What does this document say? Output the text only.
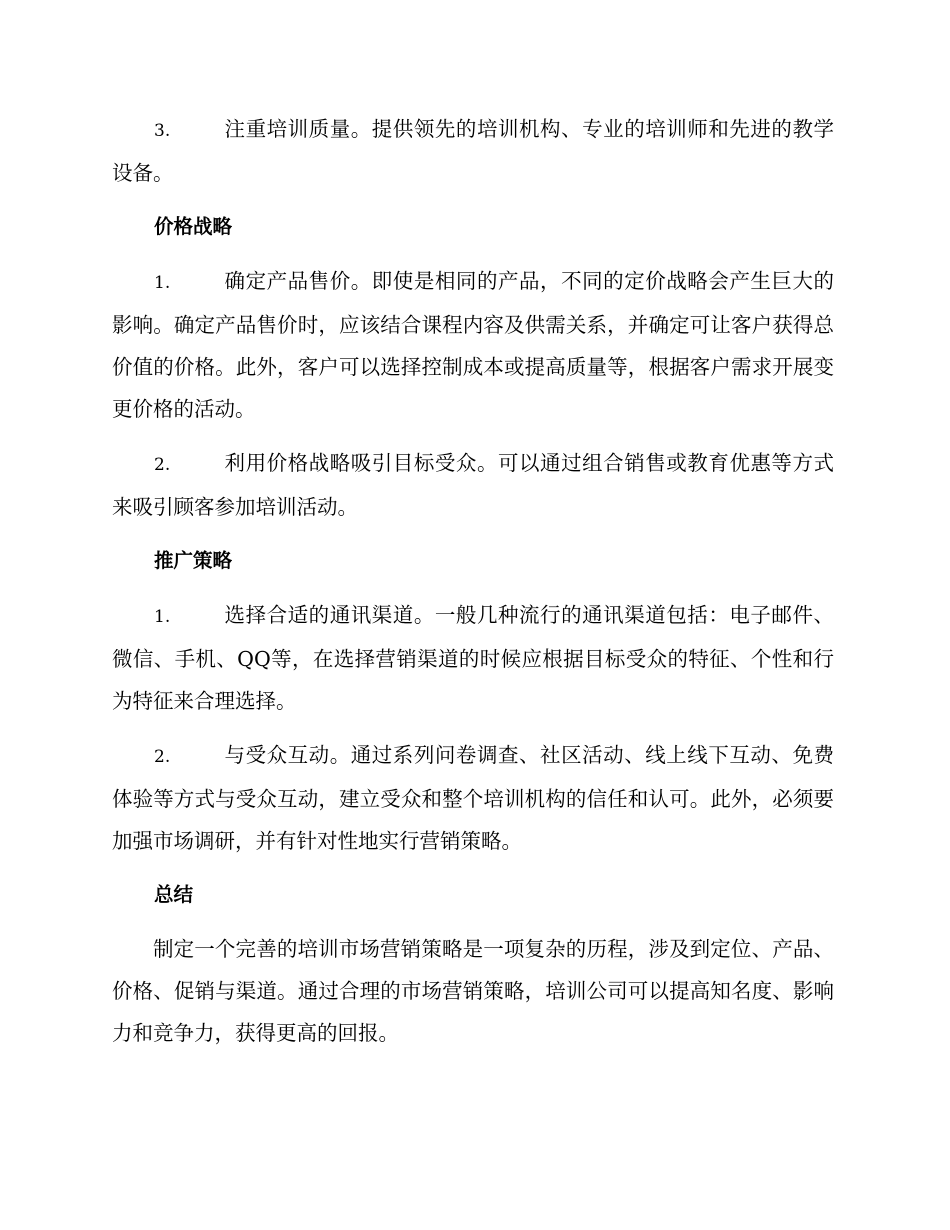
3.	注重培训质量。提供领先的培训机构、专业的培训师和先进的教学设备。

价格战略

1.	确定产品售价。即使是相同的产品，不同的定价战略会产生巨大的影响。确定产品售价时，应该结合课程内容及供需关系，并确定可让客户获得总价值的价格。此外，客户可以选择控制成本或提高质量等，根据客户需求开展变更价格的活动。

2.	利用价格战略吸引目标受众。可以通过组合销售或教育优惠等方式来吸引顾客参加培训活动。

推广策略

1.	选择合适的通讯渠道。一般几种流行的通讯渠道包括：电子邮件、微信、手机、QQ等，在选择营销渠道的时候应根据目标受众的特征、个性和行为特征来合理选择。

2.	与受众互动。通过系列问卷调查、社区活动、线上线下互动、免费体验等方式与受众互动，建立受众和整个培训机构的信任和认可。此外，必须要加强市场调研，并有针对性地实行营销策略。

总结

制定一个完善的培训市场营销策略是一项复杂的历程，涉及到定位、产品、价格、促销与渠道。通过合理的市场营销策略，培训公司可以提高知名度、影响力和竞争力，获得更高的回报。
